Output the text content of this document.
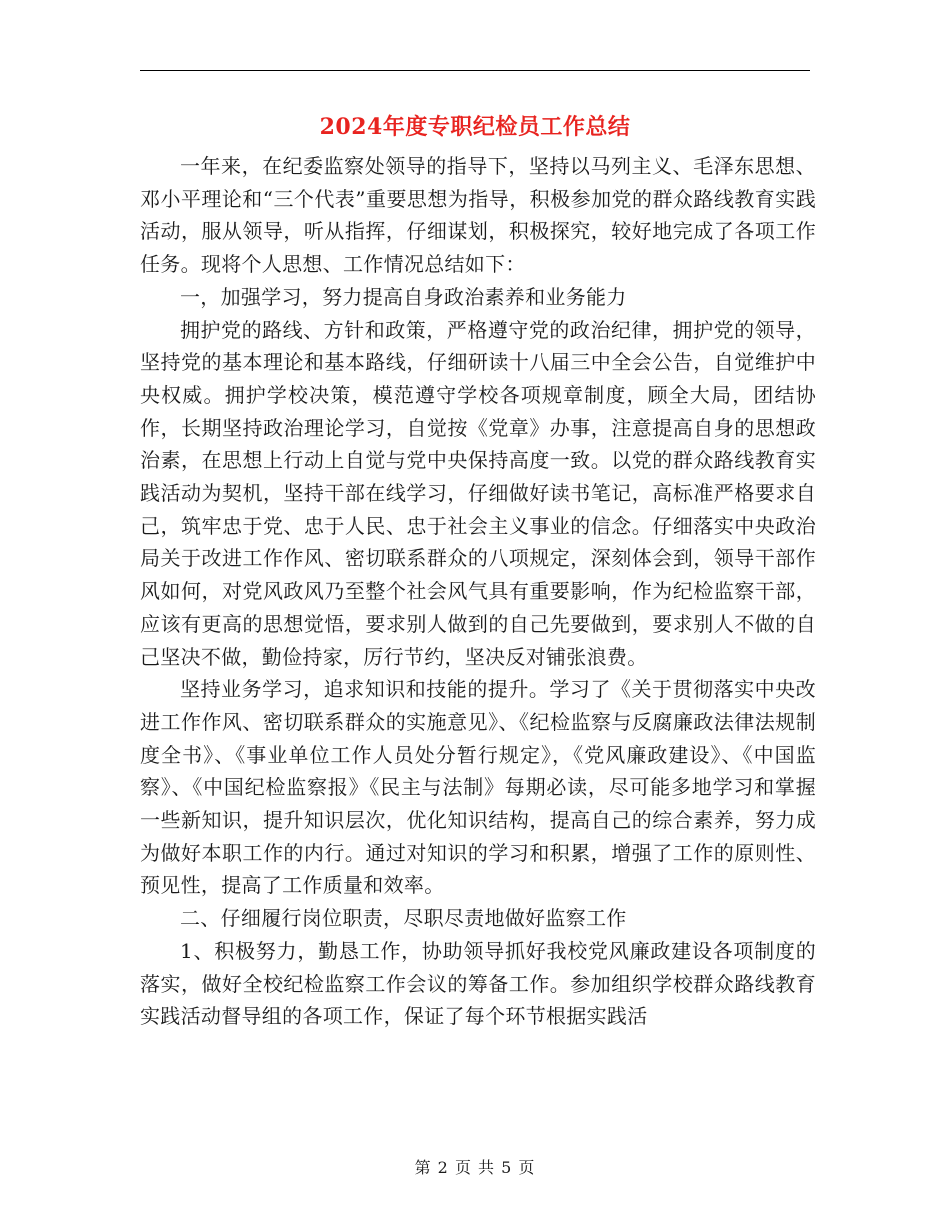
2024年度专职纪检员工作总结

一年来，在纪委监察处领导的指导下，坚持以马列主义、毛泽东思想、邓小平理论和“三个代表”重要思想为指导，积极参加党的群众路线教育实践活动，服从领导，听从指挥，仔细谋划，积极探究，较好地完成了各项工作任务。现将个人思想、工作情况总结如下：

一，加强学习，努力提高自身政治素养和业务能力

拥护党的路线、方针和政策，严格遵守党的政治纪律，拥护党的领导，坚持党的基本理论和基本路线，仔细研读十八届三中全会公告，自觉维护中央权威。拥护学校决策，模范遵守学校各项规章制度，顾全大局，团结协作，长期坚持政治理论学习，自觉按《党章》办事，注意提高自身的思想政治素，在思想上行动上自觉与党中央保持高度一致。以党的群众路线教育实践活动为契机，坚持干部在线学习，仔细做好读书笔记，高标准严格要求自己，筑牢忠于党、忠于人民、忠于社会主义事业的信念。仔细落实中央政治局关于改进工作作风、密切联系群众的八项规定，深刻体会到，领导干部作风如何，对党风政风乃至整个社会风气具有重要影响，作为纪检监察干部，应该有更高的思想觉悟，要求别人做到的自己先要做到，要求别人不做的自己坚决不做，勤俭持家，厉行节约，坚决反对铺张浪费。

坚持业务学习，追求知识和技能的提升。学习了《关于贯彻落实中央改进工作作风、密切联系群众的实施意见》、《纪检监察与反腐廉政法律法规制度全书》、《事业单位工作人员处分暂行规定》，《党风廉政建设》、《中国监察》、《中国纪检监察报》《民主与法制》每期必读，尽可能多地学习和掌握一些新知识，提升知识层次，优化知识结构，提高自己的综合素养，努力成为做好本职工作的内行。通过对知识的学习和积累，增强了工作的原则性、预见性，提高了工作质量和效率。

二、仔细履行岗位职责，尽职尽责地做好监察工作

1、积极努力，勤恳工作，协助领导抓好我校党风廉政建设各项制度的落实，做好全校纪检监察工作会议的筹备工作。参加组织学校群众路线教育实践活动督导组的各项工作，保证了每个环节根据实践活

第 2 页 共 5 页
